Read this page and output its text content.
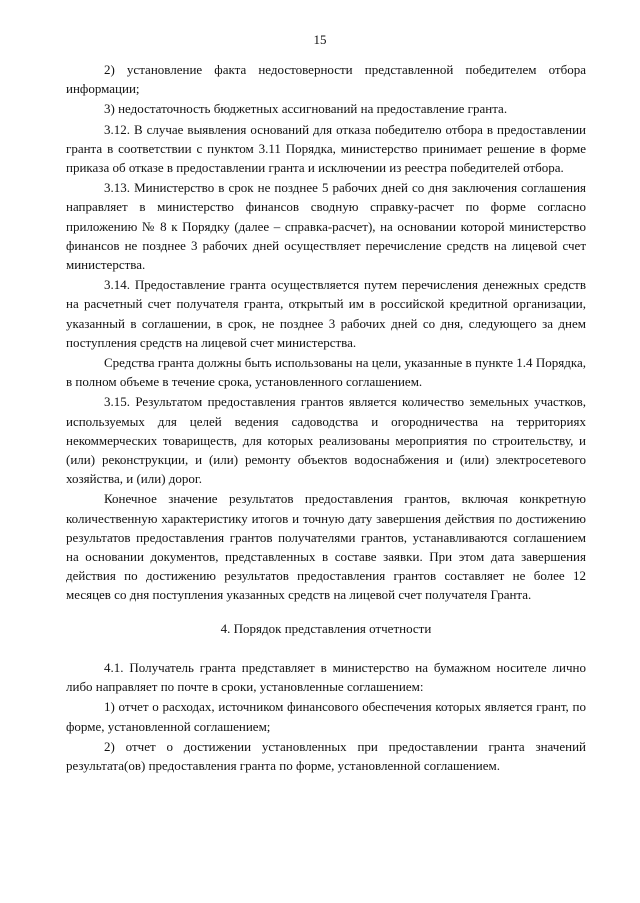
15

2) установление факта недостоверности представленной победителем отбора информации;

3) недостаточность бюджетных ассигнований на предоставление гранта.

3.12. В случае выявления оснований для отказа победителю отбора в предоставлении гранта в соответствии с пунктом 3.11 Порядка, министерство принимает решение в форме приказа об отказе в предоставлении гранта и исключении из реестра победителей отбора.

3.13. Министерство в срок не позднее 5 рабочих дней со дня заключения соглашения направляет в министерство финансов сводную справку-расчет по форме согласно приложению № 8 к Порядку (далее – справка-расчет), на основании которой министерство финансов не позднее 3 рабочих дней осуществляет перечисление средств на лицевой счет министерства.

3.14. Предоставление гранта осуществляется путем перечисления денежных средств на расчетный счет получателя гранта, открытый им в российской кредитной организации, указанный в соглашении, в срок, не позднее 3 рабочих дней со дня, следующего за днем поступления средств на лицевой счет министерства.

Средства гранта должны быть использованы на цели, указанные в пункте 1.4 Порядка, в полном объеме в течение срока, установленного соглашением.

3.15. Результатом предоставления грантов является количество земельных участков, используемых для целей ведения садоводства и огородничества на территориях некоммерческих товариществ, для которых реализованы мероприятия по строительству, и (или) реконструкции, и (или) ремонту объектов водоснабжения и (или) электросетевого хозяйства, и (или) дорог.

Конечное значение результатов предоставления грантов, включая конкретную количественную характеристику итогов и точную дату завершения действия по достижению результатов предоставления грантов получателями грантов, устанавливаются соглашением на основании документов, представленных в составе заявки. При этом дата завершения действия по достижению результатов предоставления грантов составляет не более 12 месяцев со дня поступления указанных средств на лицевой счет получателя Гранта.

4. Порядок представления отчетности

4.1. Получатель гранта представляет в министерство на бумажном носителе лично либо направляет по почте в сроки, установленные соглашением:

1) отчет о расходах, источником финансового обеспечения которых является грант, по форме, установленной соглашением;

2) отчет о достижении установленных при предоставлении гранта значений результата(ов) предоставления гранта по форме, установленной соглашением.
